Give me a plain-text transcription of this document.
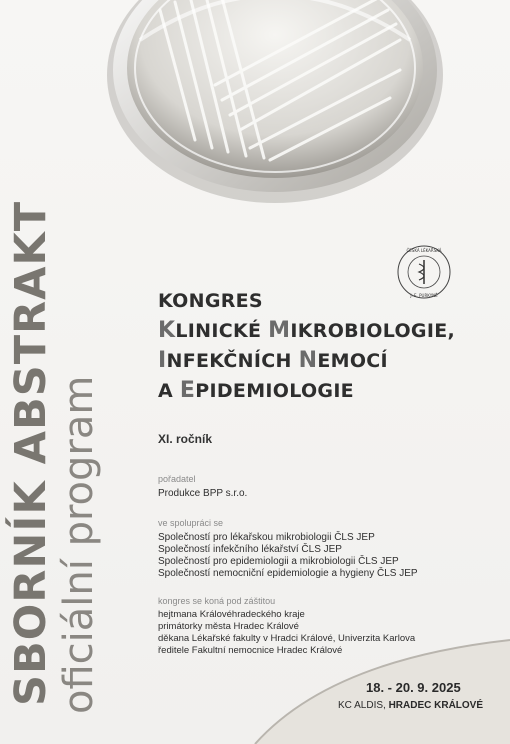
SBORNÍK ABSTRAKT oficiální program
ČESKÁ LÉKAŘSKÁ
J. E. PURKYNĚ
KONGRES
KLINICKÉ MIKROBIOLOGIE,
INFEKČNÍCH NEMOCÍ
A EPIDEMIOLOGIE
XI. ročník
pořadatel
Produkce BPP s.r.o.
ve spolupráci se
Společností pro lékařskou mikrobiologii ČLS JEP
Společností infekčního lékařství ČLS JEP
Společností pro epidemiologii a mikrobiologii ČLS JEP
Společností nemocniční epidemiologie a hygieny ČLS JEP
kongres se koná pod záštitou
hejtmana Královéhradeckého kraje
primátorky města Hradec Králové
děkana Lékařské fakulty v Hradci Králové, Univerzita Karlova
ředitele Fakultní nemocnice Hradec Králové
18. - 20. 9. 2025
KC ALDIS, HRADEC KRÁLOVÉ
